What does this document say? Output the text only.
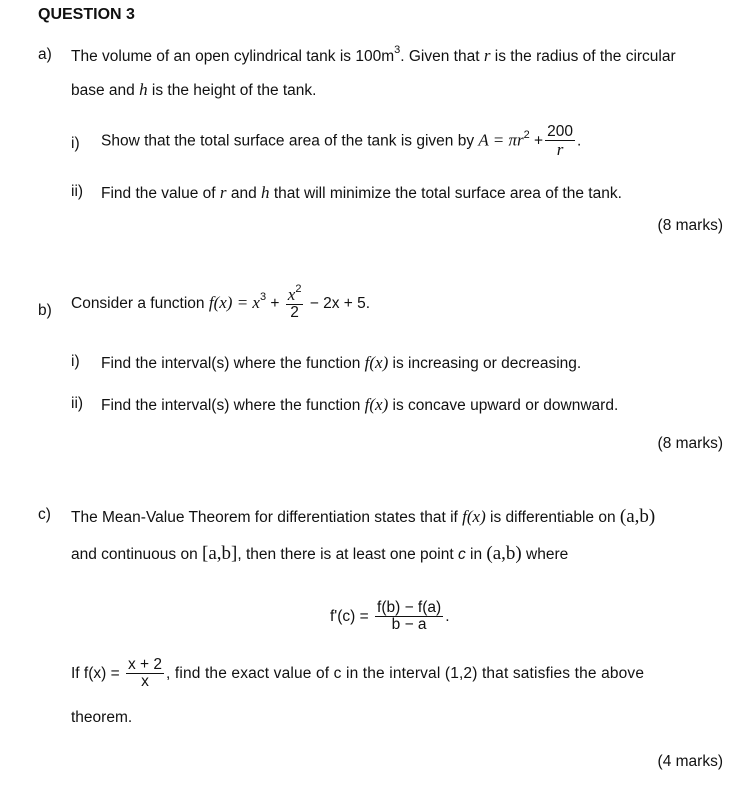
QUESTION 3
a) The volume of an open cylindrical tank is $100m^3$. Given that r is the radius of the circular
base and h is the height of the tank.
i) Show that the total surface area of the tank is given by $A = \pi r^2 + \frac{200}{r}$ .
ii) Find the value of r and h that will minimize the total surface area of the tank.
(8 marks)
b) Consider a function $f(x) = x^3 + \frac{x^2}{2} - 2x + 5$.
i) Find the interval(s) where the function f(x) is increasing or decreasing.
ii) Find the interval(s) where the function f(x) is concave upward or downward.
(8 marks)
c) The Mean-Value Theorem for differentiation states that if f(x) is differentiable on (a,b)
and continuous on [a,b], then there is at least one point c in (a,b) where
$f'(c) = \frac{f(b) - f(a)}{b - a}$ .
If $f(x) = \frac{x + 2}{x}$ , find the exact value of c in the interval (1,2) that satisfies the above
theorem.
(4 marks)
